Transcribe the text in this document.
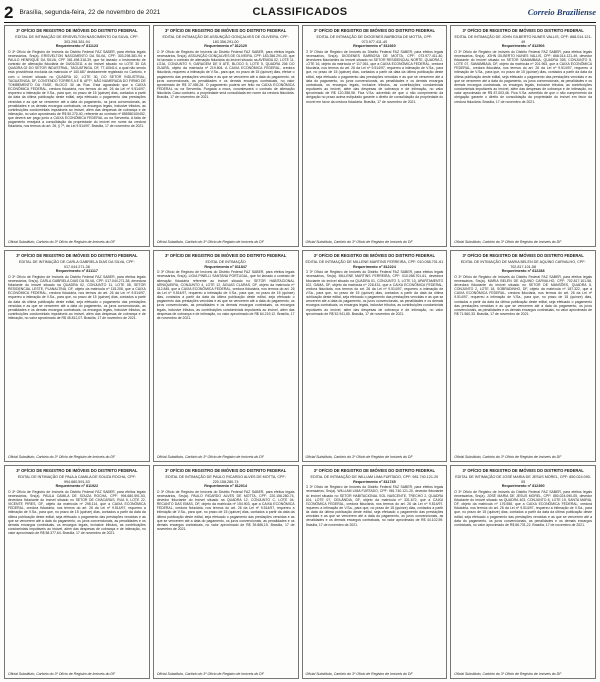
2 Brasília, segunda-feira, 22 de novembro de 2021	CLASSIFICADOS	Correio Braziliense
3º OFÍCIO DE REGISTRO DE IMÓVEIS DO DISTRITO FEDERAL
EDITAL DE INTIMAÇÃO DE ERISVELTON NASCIMENTO DA SILVA, CPF: 303.298.381-94
Requerimento nº 811123
O 3º Ofício de Registro de Imóveis do Distrito Federal FAZ SABER, para efeitos legais necessários, Srs(a). ERISVELTON NASCIMENTO DA SILVA, CPF: 303.298.381-94 e PAULO HENRIQUE DA SILVA, CPF 381.498.318-39, que foi lavrado o Instrumento de contrato de alienação fiduciária de 04/01/2011 a do imóvel situado no LOTE 30 DA QUADRA 02 DO SETOR INDUSTRIAL, TAGUATINGA, DF, 77.105414, a qual não sendo esta providência excluída da matrícula nº 100.687 devidamente registrado no Cartório, e com o imóvel situado no QUADRA 02, LOTE 30, DO SETOR INDUSTRIAL, TAGUATINGA, DF, CONTENDO TORRES A E B, APTº, NÃO NUMERADA DO FIRMO DE TOMBEMENTO DA FASE, BLOCO 30 da Rua. Está aguardado que a CAIXA ECONÔMICA FEDERAL, credora fiduciária, nos termos do art. 26 da Lei nº 9.514/97, requereu a intimação de V.Sa., para que, no prazo de 15 (quinze) dias, contados a partir da data da última publicação deste edital, seja efetuado o pagamento das prestações vencidas e as que se vencerem até a data do pagamento, os juros convencionais, as penalidades e os demais encargos contratuais, os encargos legais, inclusive tributos, as contribuições condominiais imputáveis ao imóvel, além das despesas de cobrança e de intimação, no valor aproximado de R$ 50.270,40, referente ao contrato nº 855550100452, que deverá ser pago junto a CAIXA ECONÔMICA FEDERAL ou na Serventia. A falta de pagamento ensejará a consolidação da propriedade do imóvel em nome da credora fiduciária, nos termos do art. 26, § 7º, da Lei 9.514/97. Brasília, 17 de novembro de 2021.
Oficial Substituto, Cartório do 3º Ofício de Registro de Imóveis do DF
3º OFÍCIO DE REGISTRO DE IMÓVEIS DO DISTRITO FEDERAL
EDITAL DE INTIMAÇÃO DE ASSUNÇÃO GONÇALVES DE OLIVEIRA, CPF: 183.356.291-00
Requerimento nº 812120
O 3º Ofício de Registro de Imóveis do Distrito Federal FAZ SABER, para efeitos legais necessários, Srs(a). ASSUNÇÃO GONÇALVES DE OLIVEIRA, CPF: 183.356.291-00, que foi lavrado o contrato de alienação fiduciária do imóvel situado na AVENIDA 02, LOTE 11, LOJA, CONJUNTO 9, GARAGEM DE 5 ATÉ, BLOCO 5, LOTE 5, QUADRA 206 DO GUARÁ, objeto da matrícula nº 219.804. A CAIXA ECONÔMICA FEDERAL, credora fiduciária, requereu a intimação de V.Sa., para que, no prazo de 15 (quinze) dias, efetue o pagamento das prestações vencidas e as que se vencerem até a data do pagamento, os juros convencionais, as penalidades e os demais encargos contratuais, no valor aproximado de R$ 37.455,28. O pagamento poderá ser feito na CAIXA ECONÔMICA FEDERAL ou na Serventia. Purgada a mora, convalescerá o contrato de alienação fiduciária. Caso contrário, a propriedade será consolidada em nome da credora fiduciária. Brasília, 17 de novembro de 2021.
Oficial Substituto, Cartório do 3º Ofício de Registro de Imóveis do DF
3º OFÍCIO DE REGISTRO DE IMÓVEIS DO DISTRITO FEDERAL
EDITAL DE INTIMAÇÃO DE DIOGENES BARBOSA DE MOTTA, CPF: 073.977.411-40
Requerimento nº 811660
O 3º Ofício de Registro de Imóveis do Distrito Federal FAZ SABER, para efeitos legais necessários, Srs(a). DIOGENES BARBOSA DE MOTTA, CPF: 073.977.411-40, devedores fiduciantes do imóvel situado no SETOR RESIDENCIAL NORTE, QUADRA 2, LOTE 16, objeto da matrícula nº 117.061, que a CAIXA ECONÔMICA FEDERAL, credora fiduciária, nos termos do art. 26 da Lei nº 9.514/97, requereu a intimação de V.Sa., para que, no prazo de 15 (quinze) dias, contados a partir da data da última publicação deste edital, seja efetuado o pagamento das prestações vencidas e as que se vencerem até a data do pagamento, os juros convencionais, as penalidades e os demais encargos contratuais, os encargos legais, inclusive tributos, as contribuições condominiais imputáveis ao imóvel, além das despesas de cobrança e de intimação, no valor aproximado de R$ 120.358,98. Fica V.Sa. advertido de que o não cumprimento da obrigação no prazo acima estipulado garante o direito de consolidação da propriedade do imóvel em favor da credora fiduciária. Brasília, 17 de novembro de 2021.
Oficial Substituto, Cartório do 3º Ofício de Registro de Imóveis do DF
3º OFÍCIO DE REGISTRO DE IMÓVEIS DO DISTRITO FEDERAL
EDITAL DE INTIMAÇÃO DE JOHN GILBERTO NUNES VALLIS, CPF: 868.014.121-49
Requerimento nº 812506
O 3º Ofício de Registro de Imóveis do Distrito Federal FAZ SABER, para efeitos legais necessários, Srs(a). JOHN GILBERTO NUNES VALLIS, CPF: 868.014.121-49, devedor fiduciante do imóvel situado no SETOR SAMAMBAIA, QUADRA 305, CONJUNTO 5, LOTE 07, SAMAMBAIA, DF, objeto da matrícula nº 201.963, que a CAIXA ECONÔMICA FEDERAL, credora fiduciária, nos termos do art. 26 da Lei nº 9.514/97, requereu a intimação de V.Sa., para que, no prazo de 15 (quinze) dias, contados a partir da data da última publicação deste edital, seja efetuado o pagamento das prestações vencidas e as que se vencerem até a data do pagamento, os juros convencionais, as penalidades e os demais encargos contratuais, os encargos legais, inclusive tributos, as contribuições condominiais imputáveis ao imóvel, além das despesas de cobrança e de intimação, no valor aproximado de R$ 87.003,46. Fica V.Sa. advertido de que o não cumprimento da obrigação garante o direito de consolidação da propriedade do imóvel em favor da credora fiduciária. Brasília, 17 de novembro de 2021.
Oficial Substituto, Cartório do 3º Ofício de Registro de Imóveis do DF
3º OFÍCIO DE REGISTRO DE IMÓVEIS DO DISTRITO FEDERAL
EDITAL DE INTIMAÇÃO DE CARLA GABRIELA DIAS DA SILVA, CPF: 017.044.271-38
Requerimento nº 811117
O 3º Ofício de Registro de Imóveis do Distrito Federal FAZ SABER, para efeitos legais necessários, Srs(a). CARLA GABRIELA DIAS DA SILVA, CPF: 017.044.271-38, devedora fiduciante do imóvel situado na QUADRA 02, CONJUNTO 11, LOTE 08, SETOR RESIDENCIAL LESTE, PLANALTINA, DF, objeto da matrícula nº 115.208, que a CAIXA ECONÔMICA FEDERAL, credora fiduciária, nos termos do art. 26 da Lei nº 9.514/97, requereu a intimação de V.Sa., para que, no prazo de 15 (quinze) dias, contados a partir da data da última publicação deste edital, seja efetuado o pagamento das prestações vencidas e as que se vencerem até a data do pagamento, os juros convencionais, as penalidades e os demais encargos contratuais, os encargos legais, inclusive tributos, as contribuições condominiais imputáveis ao imóvel, além das despesas de cobrança e de intimação, no valor aproximado de R$ 45.812,07. Brasília, 17 de novembro de 2021.
Oficial Substituto, Cartório do 3º Ofício de Registro de Imóveis do DF
3º OFÍCIO DE REGISTRO DE IMÓVEIS DO DISTRITO FEDERAL
EDITAL DE INTIMAÇÃO
Requerimento nº 811847
O 3º Ofício de Registro de Imóveis do Distrito Federal FAZ SABER, para efeitos legais necessários, Srs(a). LIGIA PINELLI SANTANA PORTUGAL, que foi lavrado o contrato de alienação fiduciária referente ao imóvel situado no SETOR HABITACIONAL ARNIQUEIRA, CONJUNTO 4, LOTE 12, ÁGUAS CLARAS, DF, objeto da matrícula nº 312.845, que a CAIXA ECONÔMICA FEDERAL, credora fiduciária, nos termos do art. 26 da Lei nº 9.514/97, requereu a intimação de V.Sa., para que, no prazo de 15 (quinze) dias, contados a partir da data da última publicação deste edital, seja efetuado o pagamento das prestações vencidas e as que se vencerem até a data do pagamento, os juros convencionais, as penalidades e os demais encargos contratuais, os encargos legais, inclusive tributos, as contribuições condominiais imputáveis ao imóvel, além das despesas de cobrança e de intimação, no valor aproximado de R$ 64.219,12. Brasília, 17 de novembro de 2021.
Oficial Substituto, Cartório do 3º Ofício de Registro de Imóveis do DF
3º OFÍCIO DE REGISTRO DE IMÓVEIS DO DISTRITO FEDERAL
EDITAL DE INTIMAÇÃO DE MILLENE MARTINS FERREIRA, CPF: 010.058.701-61
Requerimento nº 812224
O 3º Ofício de Registro de Imóveis do Distrito Federal FAZ SABER, para efeitos legais necessários, Srs(a). MILLENE MARTINS FERREIRA, CPF: 010.058.701-61, devedora fiduciante do imóvel situado na QUADRA 01, CONJUNTO 3, LOTE 10, APARTAMENTO 102, GAMA, DF, objeto da matrícula nº 228.431, que a CAIXA ECONÔMICA FEDERAL, credora fiduciária, nos termos do art. 26 da Lei nº 9.514/97, requereu a intimação de V.Sa., para que, no prazo de 15 (quinze) dias, contados a partir da data da última publicação deste edital, seja efetuado o pagamento das prestações vencidas e as que se vencerem até a data do pagamento, os juros convencionais, as penalidades e os demais encargos contratuais, os encargos legais, inclusive tributos, as contribuições condominiais imputáveis ao imóvel, além das despesas de cobrança e de intimação, no valor aproximado de R$ 52.941,80. Brasília, 17 de novembro de 2021.
Oficial Substituto, Cartório do 3º Ofício de Registro de Imóveis do DF
3º OFÍCIO DE REGISTRO DE IMÓVEIS DO DISTRITO FEDERAL
EDITAL DE INTIMAÇÃO DE MARIA BELEN DE AQUINO CARVALHO, CPF: 702.817.101-58
Requerimento nº 812288
O 3º Ofício de Registro de Imóveis do Distrito Federal FAZ SABER, para efeitos legais necessários, Srs(a). MARIA BELEN DE AQUINO CARVALHO, CPF: 702.817.101-58, devedora fiduciante do imóvel situado no SETOR DE MANSÕES, QUADRA 5, CONJUNTO 2, LOTE 18, SOBRADINHO, DF, objeto da matrícula nº 187.322, que a CAIXA ECONÔMICA FEDERAL, credora fiduciária, nos termos do art. 26 da Lei nº 9.514/97, requereu a intimação de V.Sa., para que, no prazo de 15 (quinze) dias, contados a partir da data da última publicação deste edital, seja efetuado o pagamento das prestações vencidas e as que se vencerem até a data do pagamento, os juros convencionais, as penalidades e os demais encargos contratuais, no valor aproximado de R$ 71.560,33. Brasília, 17 de novembro de 2021.
Oficial Substituto, Cartório do 3º Ofício de Registro de Imóveis do DF
3º OFÍCIO DE REGISTRO DE IMÓVEIS DO DISTRITO FEDERAL
EDITAL DE INTIMAÇÃO DE PAULA CAMILA DE SOUZA ROCHA, CPF: 994.680.591-53
Requerimento nº 811922
O 3º Ofício de Registro de Imóveis do Distrito Federal FAZ SABER, para efeitos legais necessários, Srs(a). PAULA CAMILA DE SOUZA ROCHA, CPF: 994.680.591-53, devedora fiduciante do imóvel situado no SETOR DE CHÁCARAS, RUA 5, LOTE 22, VICENTE PIRES, DF, objeto da matrícula nº 298.114, que a CAIXA ECONÔMICA FEDERAL, credora fiduciária, nos termos do art. 26 da Lei nº 9.514/97, requereu a intimação de V.Sa., para que, no prazo de 15 (quinze) dias, contados a partir da data da última publicação deste edital, seja efetuado o pagamento das prestações vencidas e as que se vencerem até a data do pagamento, os juros convencionais, as penalidades e os demais encargos contratuais, os encargos legais, inclusive tributos, as contribuições condominiais imputáveis ao imóvel, além das despesas de cobrança e de intimação, no valor aproximado de R$ 58.377,64. Brasília, 17 de novembro de 2021.
Oficial Substituto, Cartório do 3º Ofício de Registro de Imóveis do DF
3º OFÍCIO DE REGISTRO DE IMÓVEIS DO DISTRITO FEDERAL
EDITAL DE INTIMAÇÃO DE PAULO RICARDO ALVES DE MOTTA, CPF: 220.158.280-74
Requerimento nº 812014
O 3º Ofício de Registro de Imóveis do Distrito Federal FAZ SABER, para efeitos legais necessários, Srs(a). PAULO RICARDO ALVES DE MOTTA, CPF: 220.158.280-74, devedor fiduciante do imóvel situado na QUADRA 12, CONJUNTO C, LOTE 04, RECANTO DAS EMAS, DF, objeto da matrícula nº 154.903, que a CAIXA ECONÔMICA FEDERAL, credora fiduciária, nos termos do art. 26 da Lei nº 9.514/97, requereu a intimação de V.Sa., para que, no prazo de 15 (quinze) dias, contados a partir da data da última publicação deste edital, seja efetuado o pagamento das prestações vencidas e as que se vencerem até a data do pagamento, os juros convencionais, as penalidades e os demais encargos contratuais, no valor aproximado de R$ 39.886,15. Brasília, 17 de novembro de 2021.
Oficial Substituto, Cartório do 3º Ofício de Registro de Imóveis do DF
3º OFÍCIO DE REGISTRO DE IMÓVEIS DO DISTRITO FEDERAL
EDITAL DE INTIMAÇÃO DE WILLIAM LIMA FURTADO, CPF: 981.740.121-20
Requerimento nº 811745
O 3º Ofício de Registro de Imóveis do Distrito Federal FAZ SABER, para efeitos legais necessários, Srs(a). WILLIAM LIMA FURTADO, CPF: 981.740.121-20, devedor fiduciante do imóvel situado no SETOR HABITACIONAL SOL NASCENTE, TRECHO 2, QUADRA 104, LOTE 07, CEILÂNDIA, DF, objeto da matrícula nº 331.672, que a CAIXA ECONÔMICA FEDERAL, credora fiduciária, nos termos do art. 26 da Lei nº 9.514/97, requereu a intimação de V.Sa., para que, no prazo de 15 (quinze) dias, contados a partir da data da última publicação deste edital, seja efetuado o pagamento das prestações vencidas e as que se vencerem até a data do pagamento, os juros convencionais, as penalidades e os demais encargos contratuais, no valor aproximado de R$ 44.102,59. Brasília, 17 de novembro de 2021.
Oficial Substituto, Cartório do 3º Ofício de Registro de Imóveis do DF
3º OFÍCIO DE REGISTRO DE IMÓVEIS DO DISTRITO FEDERAL
EDITAL DE INTIMAÇÃO DE JOSÉ MARIA DE JESUS MOREL, CPF: 850.024.090-05
Requerimento nº 812390
O 3º Ofício de Registro de Imóveis do Distrito Federal FAZ SABER, para efeitos legais necessários, Srs(a). JOSÉ MARIA DE JESUS MOREL, CPF: 850.024.090-05, devedor fiduciante do imóvel situado na QUADRA 403, CONJUNTO 8, LOTE 15, SANTA MARIA, DF, objeto da matrícula nº 176.558, que a CAIXA ECONÔMICA FEDERAL, credora fiduciária, nos termos do art. 26 da Lei nº 9.514/97, requereu a intimação de V.Sa., para que, no prazo de 15 (quinze) dias, contados a partir da data da última publicação deste edital, seja efetuado o pagamento das prestações vencidas e as que se vencerem até a data do pagamento, os juros convencionais, as penalidades e os demais encargos contratuais, no valor aproximado de R$ 66.731,22. Brasília, 17 de novembro de 2021.
Oficial Substituto, Cartório do 3º Ofício de Registro de Imóveis do DF
